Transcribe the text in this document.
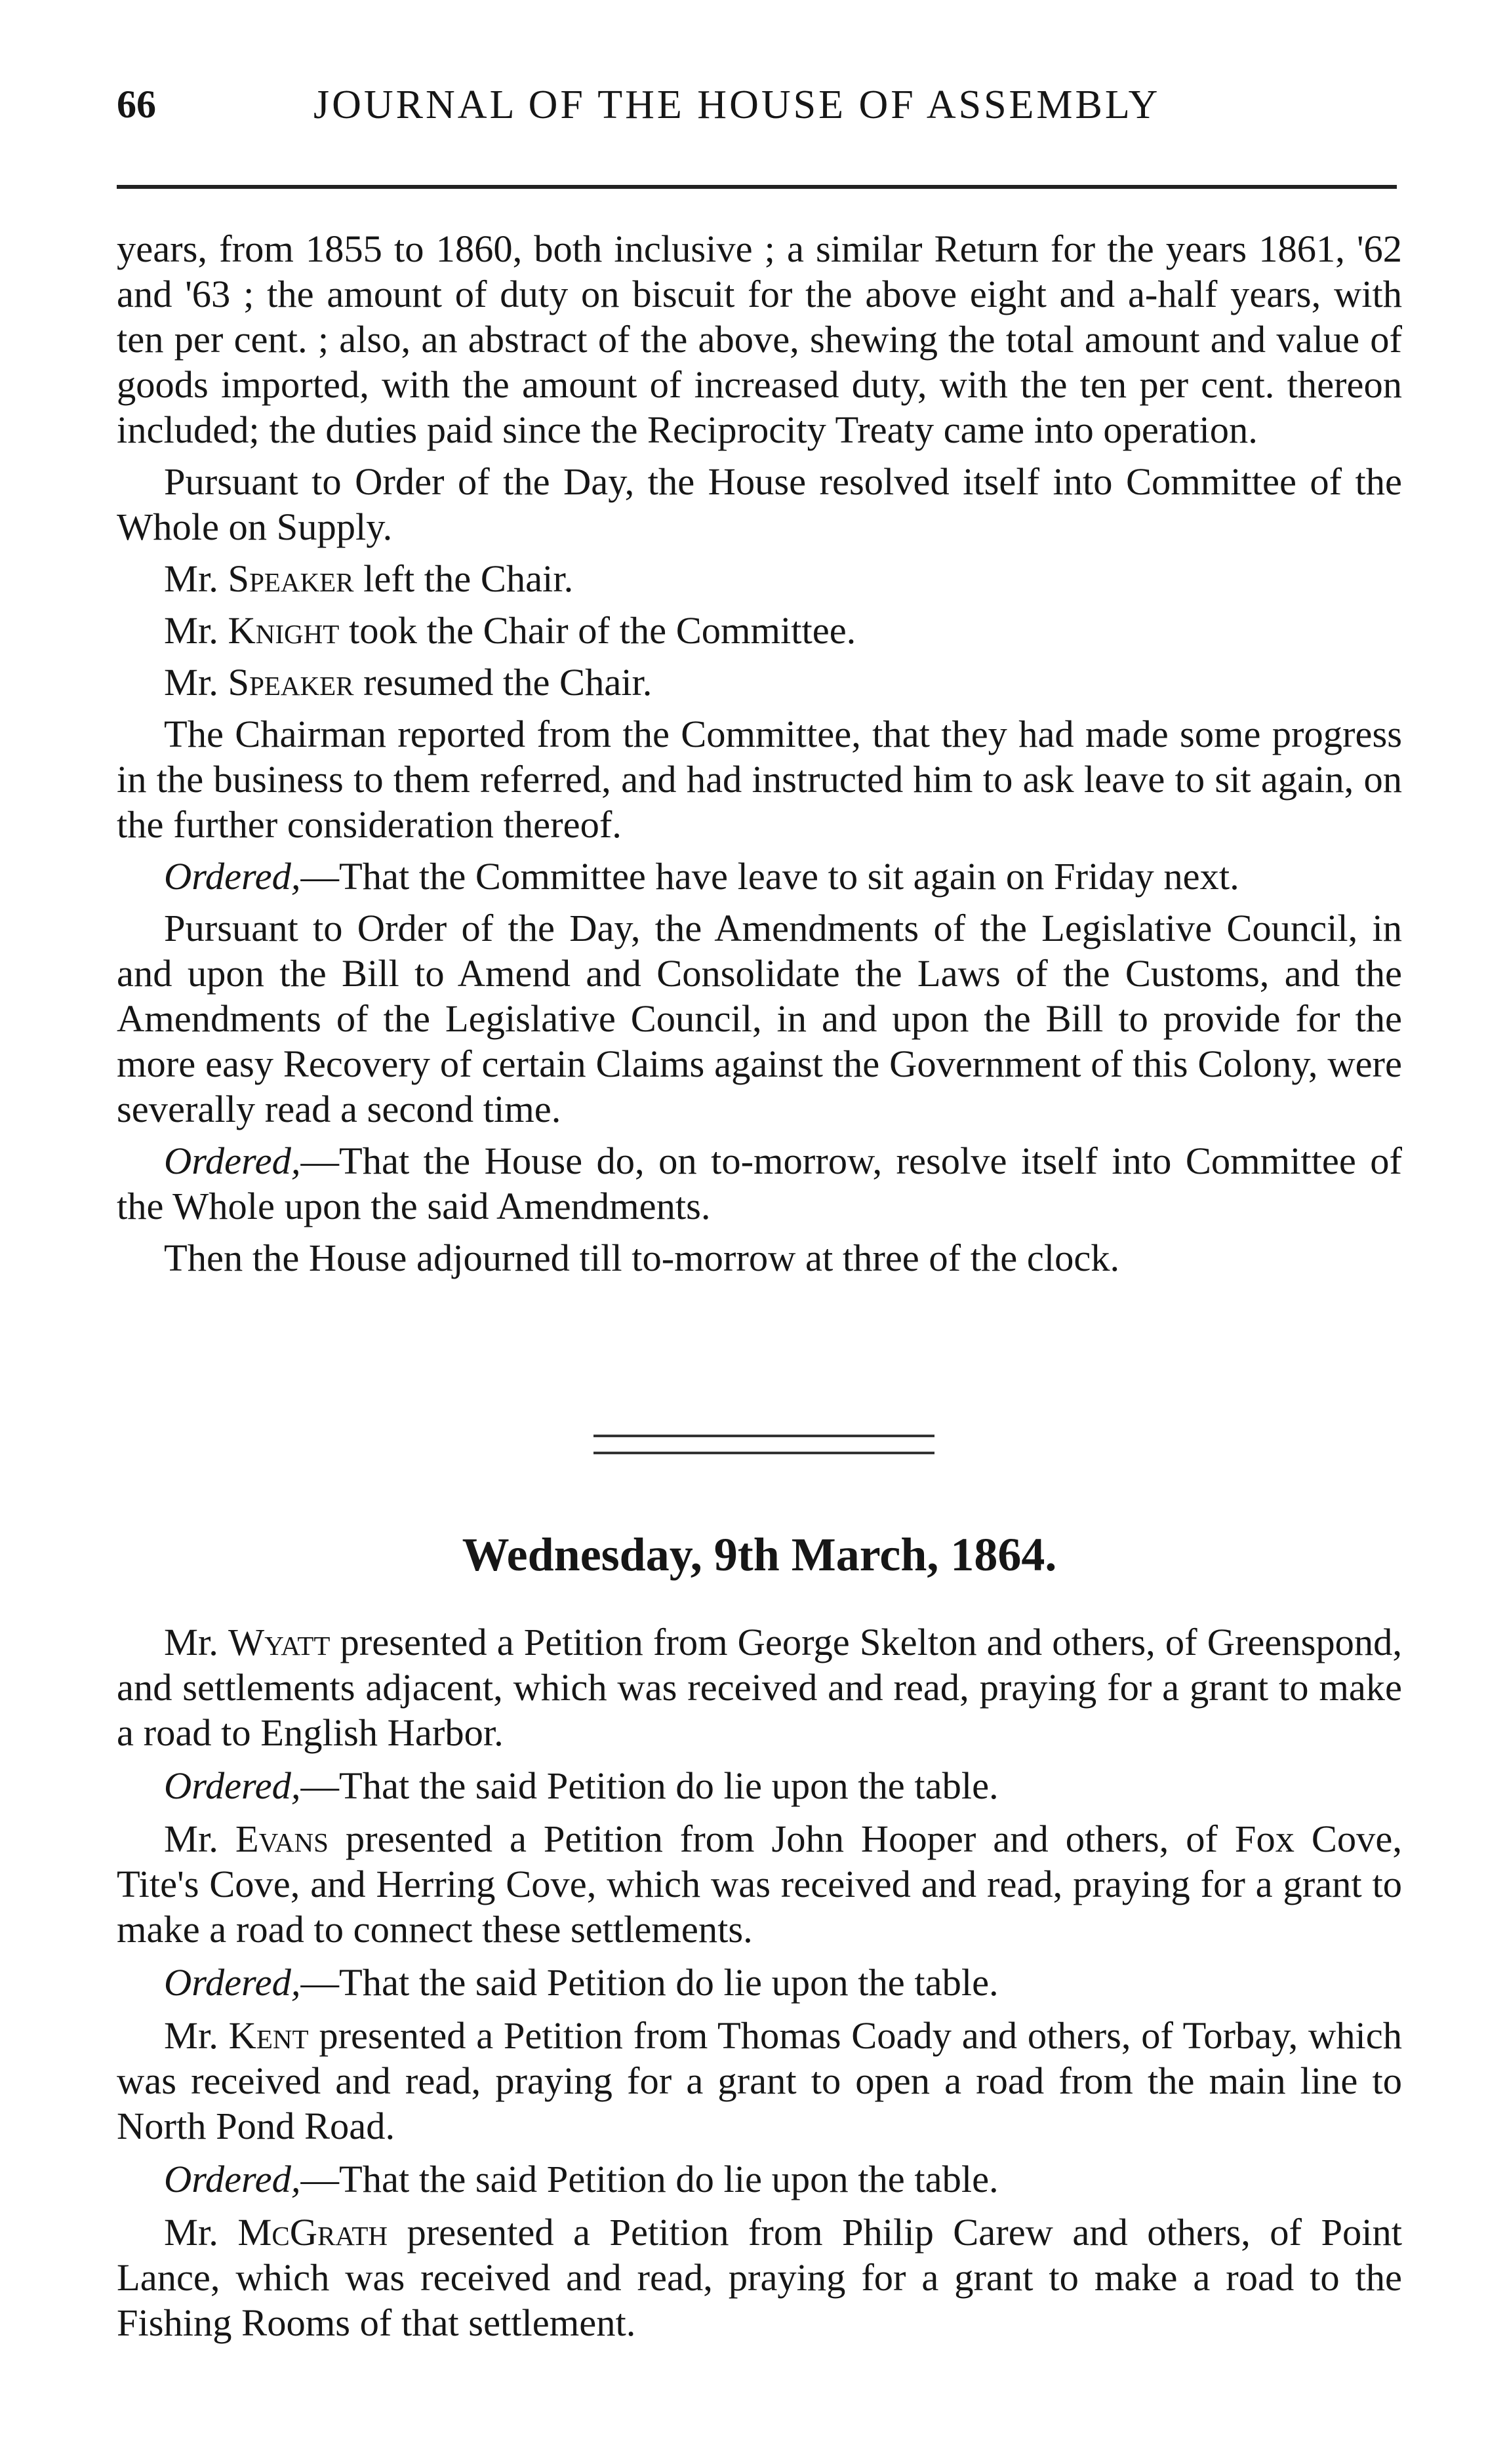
66	JOURNAL OF THE HOUSE OF ASSEMBLY

years, from 1855 to 1860, both inclusive ; a similar Return for the years 1861, '62 and '63 ; the amount of duty on biscuit for the above eight and a-half years, with ten per cent. ; also, an abstract of the above, shewing the total amount and value of goods imported, with the amount of increased duty, with the ten per cent. thereon included; the duties paid since the Reciprocity Treaty came into operation.

Pursuant to Order of the Day, the House resolved itself into Committee of the Whole on Supply.

Mr. Speaker left the Chair.

Mr. Knight took the Chair of the Committee.

Mr. Speaker resumed the Chair.

The Chairman reported from the Committee, that they had made some progress in the business to them referred, and had instructed him to ask leave to sit again, on the further consideration thereof.

Ordered,—That the Committee have leave to sit again on Friday next.

Pursuant to Order of the Day, the Amendments of the Legislative Council, in and upon the Bill to Amend and Consolidate the Laws of the Customs, and the Amendments of the Legislative Council, in and upon the Bill to provide for the more easy Recovery of certain Claims against the Government of this Colony, were severally read a second time.

Ordered,—That the House do, on to-morrow, resolve itself into Committee of the Whole upon the said Amendments.

Then the House adjourned till to-morrow at three of the clock.

Wednesday, 9th March, 1864.

Mr. Wyatt presented a Petition from George Skelton and others, of Greenspond, and settlements adjacent, which was received and read, praying for a grant to make a road to English Harbor.

Ordered,—That the said Petition do lie upon the table.

Mr. Evans presented a Petition from John Hooper and others, of Fox Cove, Tite's Cove, and Herring Cove, which was received and read, praying for a grant to make a road to connect these settlements.

Ordered,—That the said Petition do lie upon the table.

Mr. Kent presented a Petition from Thomas Coady and others, of Torbay, which was received and read, praying for a grant to open a road from the main line to North Pond Road.

Ordered,—That the said Petition do lie upon the table.

Mr. McGrath presented a Petition from Philip Carew and others, of Point Lance, which was received and read, praying for a grant to make a road to the Fishing Rooms of that settlement.
